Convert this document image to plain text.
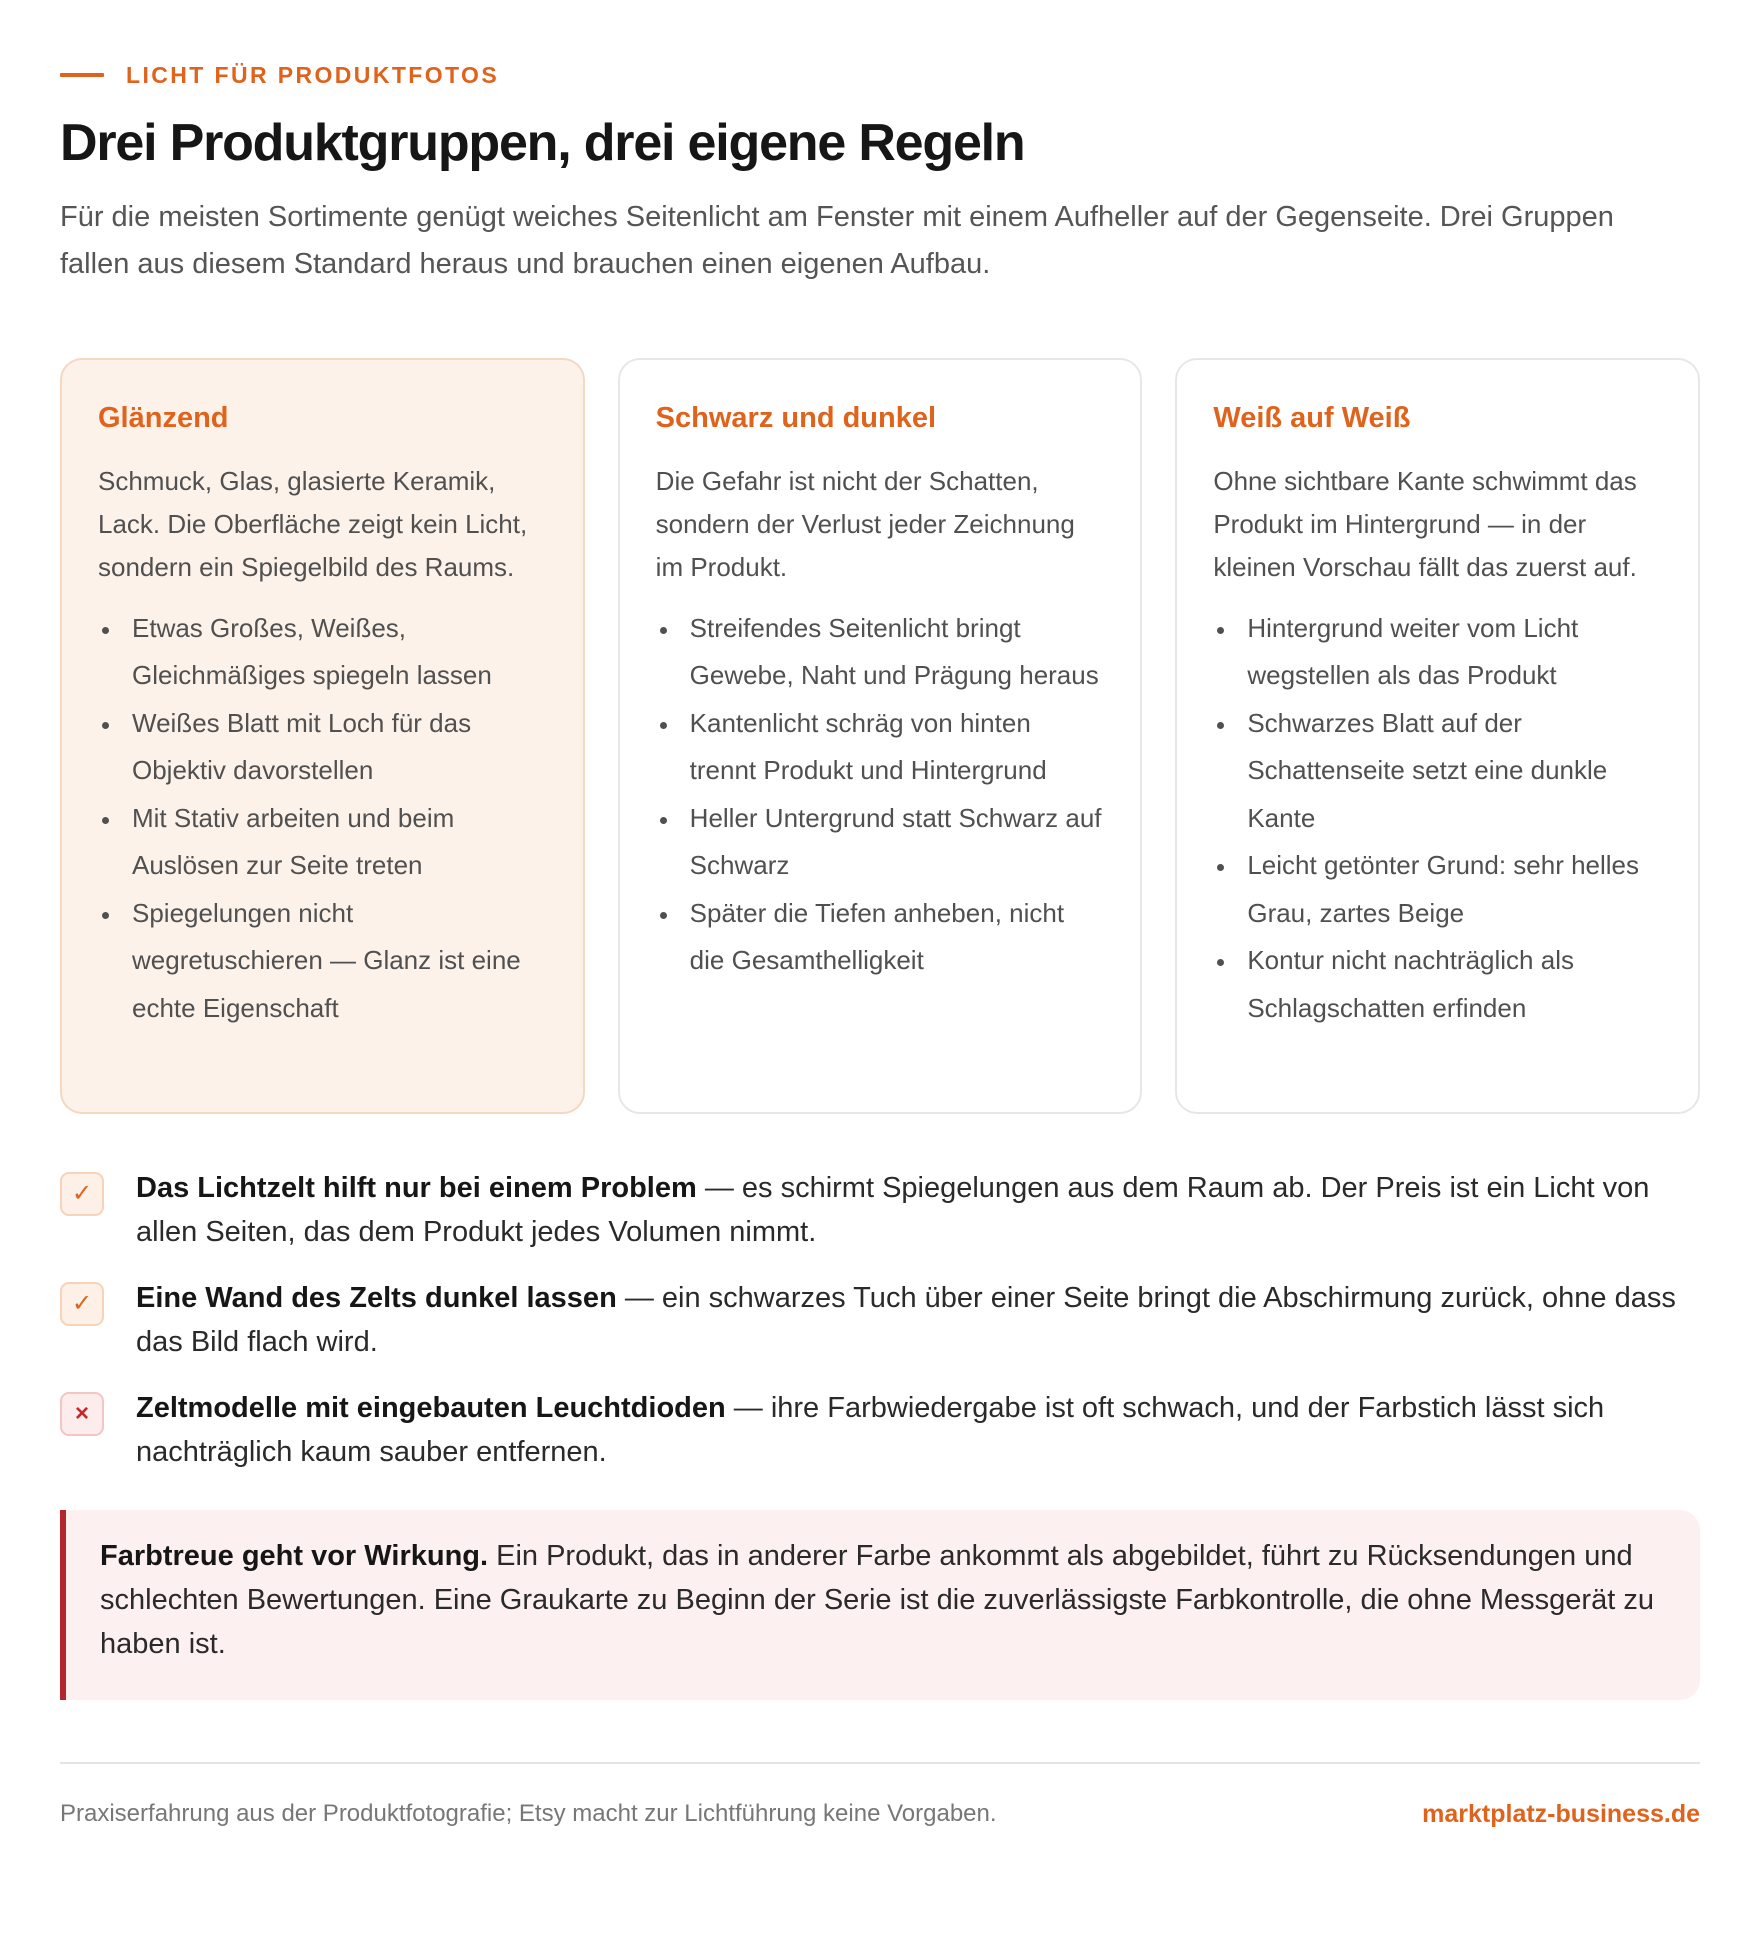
LICHT FÜR PRODUKTFOTOS
Drei Produktgruppen, drei eigene Regeln

Für die meisten Sortimente genügt weiches Seitenlicht am Fenster mit einem Aufheller auf der Gegenseite. Drei Gruppen fallen aus diesem Standard heraus und brauchen einen eigenen Aufbau.

Glänzend

Schmuck, Glas, glasierte Keramik, Lack. Die Oberfläche zeigt kein Licht, sondern ein Spiegelbild des Raums.

Etwas Großes, Weißes, Gleichmäßiges spiegeln lassen
Weißes Blatt mit Loch für das Objektiv davorstellen
Mit Stativ arbeiten und beim Auslösen zur Seite treten
Spiegelungen nicht wegretuschieren — Glanz ist eine echte Eigenschaft
Schwarz und dunkel

Die Gefahr ist nicht der Schatten, sondern der Verlust jeder Zeichnung im Produkt.

Streifendes Seitenlicht bringt Gewebe, Naht und Prägung heraus
Kantenlicht schräg von hinten trennt Produkt und Hintergrund
Heller Untergrund statt Schwarz auf Schwarz
Später die Tiefen anheben, nicht die Gesamthelligkeit
Weiß auf Weiß

Ohne sichtbare Kante schwimmt das Produkt im Hintergrund — in der kleinen Vorschau fällt das zuerst auf.

Hintergrund weiter vom Licht wegstellen als das Produkt
Schwarzes Blatt auf der Schattenseite setzt eine dunkle Kante
Leicht getönter Grund: sehr helles Grau, zartes Beige
Kontur nicht nachträglich als Schlagschatten erfinden
✓	Das Lichtzelt hilft nur bei einem Problem — es schirmt Spiegelungen aus dem Raum ab. Der Preis ist ein Licht von allen Seiten, das dem Produkt jedes Volumen nimmt.

✓	Eine Wand des Zelts dunkel lassen — ein schwarzes Tuch über einer Seite bringt die Abschirmung zurück, ohne dass das Bild flach wird.

×	Zeltmodelle mit eingebauten Leuchtdioden — ihre Farbwiedergabe ist oft schwach, und der Farbstich lässt sich nachträglich kaum sauber entfernen.

Farbtreue geht vor Wirkung. Ein Produkt, das in anderer Farbe ankommt als abgebildet, führt zu Rücksendungen und schlechten Bewertungen. Eine Graukarte zu Beginn der Serie ist die zuverlässigste Farbkontrolle, die ohne Messgerät zu haben ist.

Praxiserfahrung aus der Produktfotografie; Etsy macht zur Lichtführung keine Vorgaben.	marktplatz-business.de
